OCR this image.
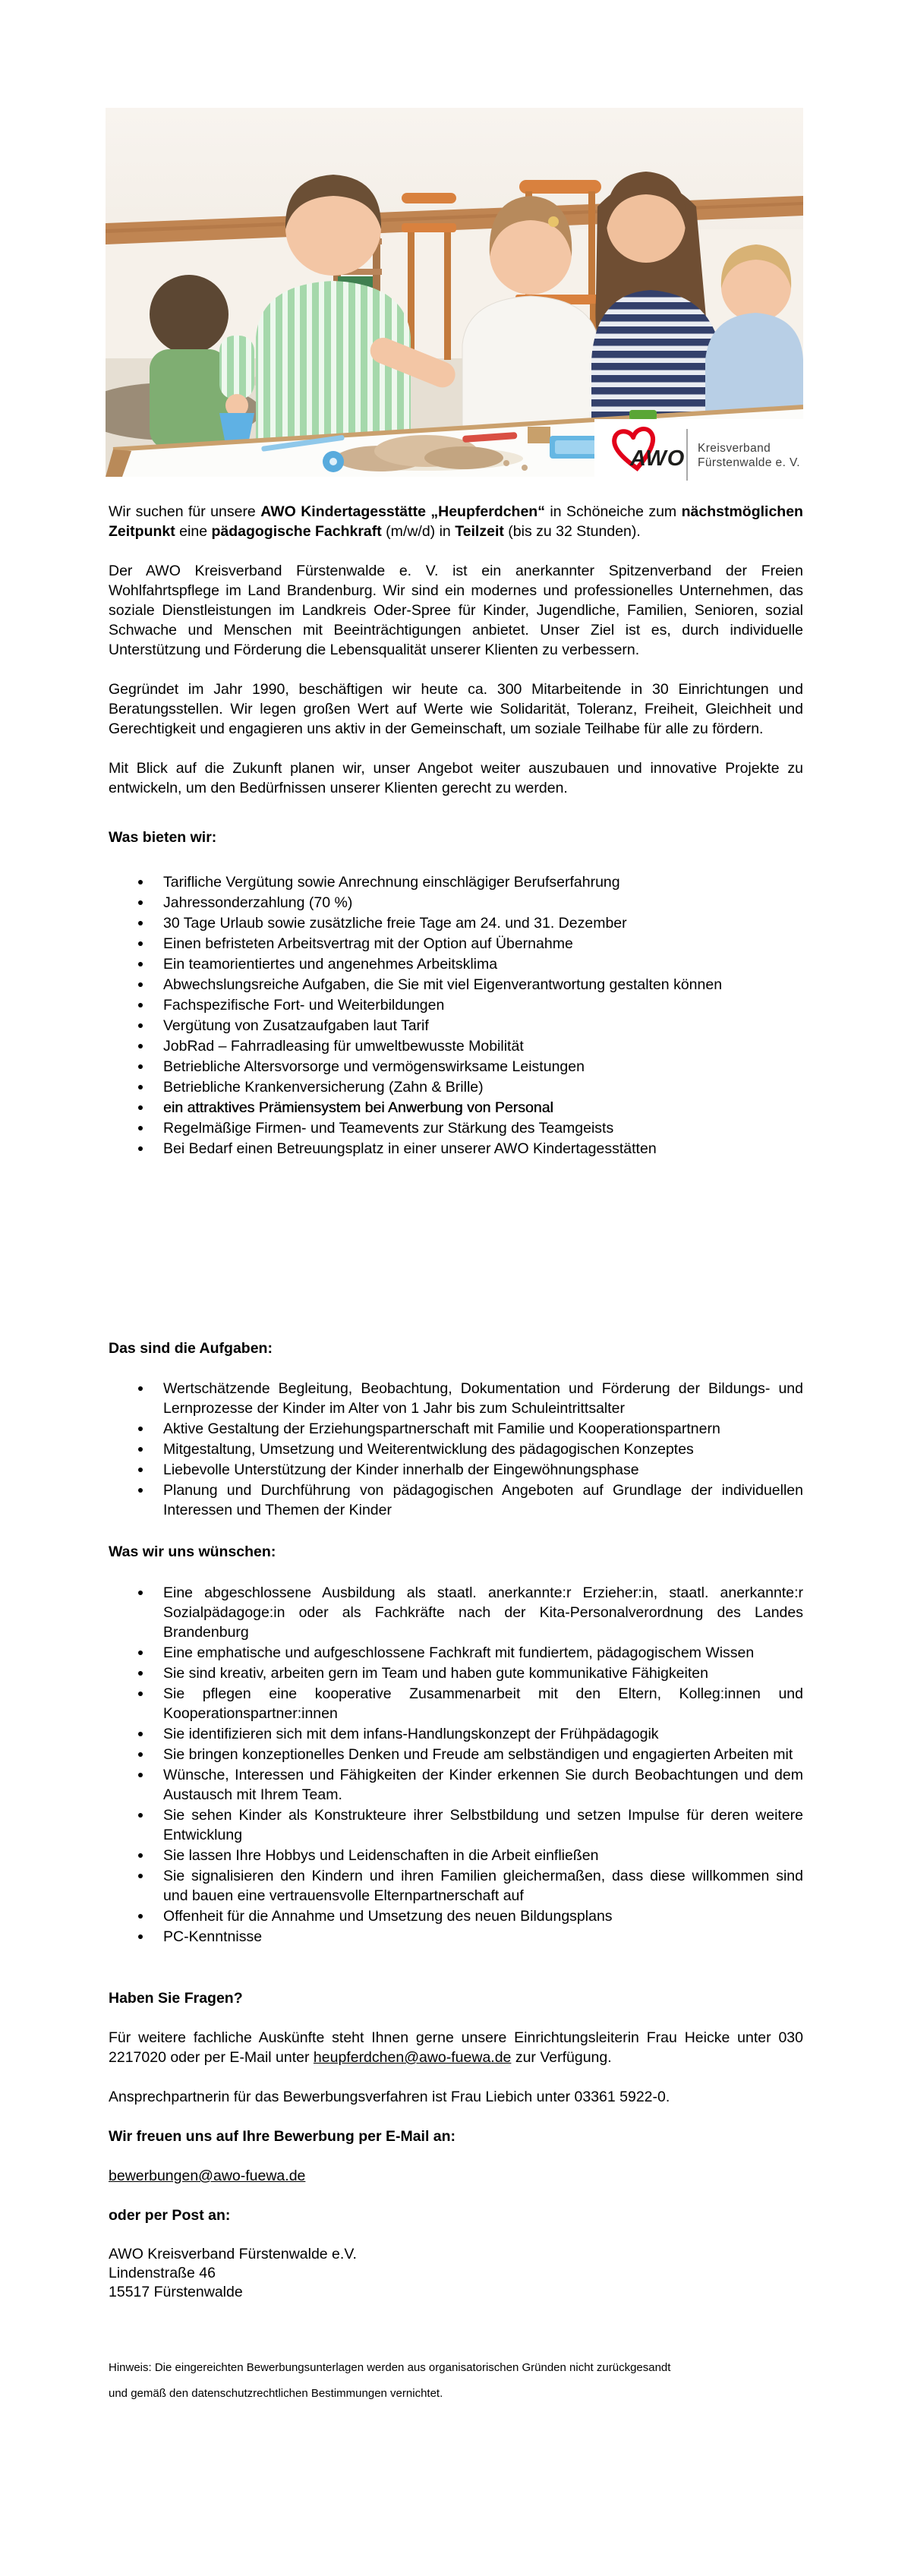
AWO Kreisverband
Fürstenwalde e. V.

Wir suchen für unsere AWO Kindertagesstätte „Heupferdchen“ in Schöneiche zum nächstmöglichen Zeitpunkt eine pädagogische Fachkraft (m/w/d) in Teilzeit (bis zu 32 Stunden).

Der AWO Kreisverband Fürstenwalde e. V. ist ein anerkannter Spitzenverband der Freien Wohlfahrtspflege im Land Brandenburg. Wir sind ein modernes und professionelles Unternehmen, das soziale Dienstleistungen im Landkreis Oder-Spree für Kinder, Jugendliche, Familien, Senioren, sozial Schwache und Menschen mit Beeinträchtigungen anbietet. Unser Ziel ist es, durch individuelle Unterstützung und Förderung die Lebensqualität unserer Klienten zu verbessern.

Gegründet im Jahr 1990, beschäftigen wir heute ca. 300 Mitarbeitende in 30 Einrichtungen und Beratungsstellen. Wir legen großen Wert auf Werte wie Solidarität, Toleranz, Freiheit, Gleichheit und Gerechtigkeit und engagieren uns aktiv in der Gemeinschaft, um soziale Teilhabe für alle zu fördern.

Mit Blick auf die Zukunft planen wir, unser Angebot weiter auszubauen und innovative Projekte zu entwickeln, um den Bedürfnissen unserer Klienten gerecht zu werden.

Was bieten wir:
Tarifliche Vergütung sowie Anrechnung einschlägiger Berufserfahrung
Jahressonderzahlung (70 %)
30 Tage Urlaub sowie zusätzliche freie Tage am 24. und 31. Dezember
Einen befristeten Arbeitsvertrag mit der Option auf Übernahme
Ein teamorientiertes und angenehmes Arbeitsklima
Abwechslungsreiche Aufgaben, die Sie mit viel Eigenverantwortung gestalten können
Fachspezifische Fort- und Weiterbildungen
Vergütung von Zusatzaufgaben laut Tarif
JobRad – Fahrradleasing für umweltbewusste Mobilität
Betriebliche Altersvorsorge und vermögenswirksame Leistungen
Betriebliche Krankenversicherung (Zahn & Brille)
ein attraktives Prämiensystem bei Anwerbung von Personal
Regelmäßige Firmen- und Teamevents zur Stärkung des Teamgeists
Bei Bedarf einen Betreuungsplatz in einer unserer AWO Kindertagesstätten
Das sind die Aufgaben:
Wertschätzende Begleitung, Beobachtung, Dokumentation und Förderung der Bildungs- und Lernprozesse der Kinder im Alter von 1 Jahr bis zum Schuleintrittsalter
Aktive Gestaltung der Erziehungspartnerschaft mit Familie und Kooperationspartnern
Mitgestaltung, Umsetzung und Weiterentwicklung des pädagogischen Konzeptes
Liebevolle Unterstützung der Kinder innerhalb der Eingewöhnungsphase
Planung und Durchführung von pädagogischen Angeboten auf Grundlage der individuellen Interessen und Themen der Kinder
Was wir uns wünschen:
Eine abgeschlossene Ausbildung als staatl. anerkannte:r Erzieher:in, staatl. anerkannte:r Sozialpädagoge:in oder als Fachkräfte nach der Kita-Personalverordnung des Landes Brandenburg
Eine emphatische und aufgeschlossene Fachkraft mit fundiertem, pädagogischem Wissen
Sie sind kreativ, arbeiten gern im Team und haben gute kommunikative Fähigkeiten
Sie pflegen eine kooperative Zusammenarbeit mit den Eltern, Kolleg:innen und Kooperationspartner:innen
Sie identifizieren sich mit dem infans-Handlungskonzept der Frühpädagogik
Sie bringen konzeptionelles Denken und Freude am selbständigen und engagierten Arbeiten mit
Wünsche, Interessen und Fähigkeiten der Kinder erkennen Sie durch Beobachtungen und dem Austausch mit Ihrem Team.
Sie sehen Kinder als Konstrukteure ihrer Selbstbildung und setzen Impulse für deren weitere Entwicklung
Sie lassen Ihre Hobbys und Leidenschaften in die Arbeit einfließen
Sie signalisieren den Kindern und ihren Familien gleichermaßen, dass diese willkommen sind und bauen eine vertrauensvolle Elternpartnerschaft auf
Offenheit für die Annahme und Umsetzung des neuen Bildungsplans
PC-Kenntnisse
Haben Sie Fragen?

Für weitere fachliche Auskünfte steht Ihnen gerne unsere Einrichtungsleiterin Frau Heicke unter 030 2217020 oder per E-Mail unter heupferdchen@awo-fuewa.de zur Verfügung.

Ansprechpartnerin für das Bewerbungsverfahren ist Frau Liebich unter 03361 5922-0.

Wir freuen uns auf Ihre Bewerbung per E-Mail an:

bewerbungen@awo-fuewa.de

oder per Post an:

AWO Kreisverband Fürstenwalde e.V.
Lindenstraße 46
15517 Fürstenwalde
Hinweis: Die eingereichten Bewerbungsunterlagen werden aus organisatorischen Gründen nicht zurückgesandt
und gemäß den datenschutzrechtlichen Bestimmungen vernichtet.
